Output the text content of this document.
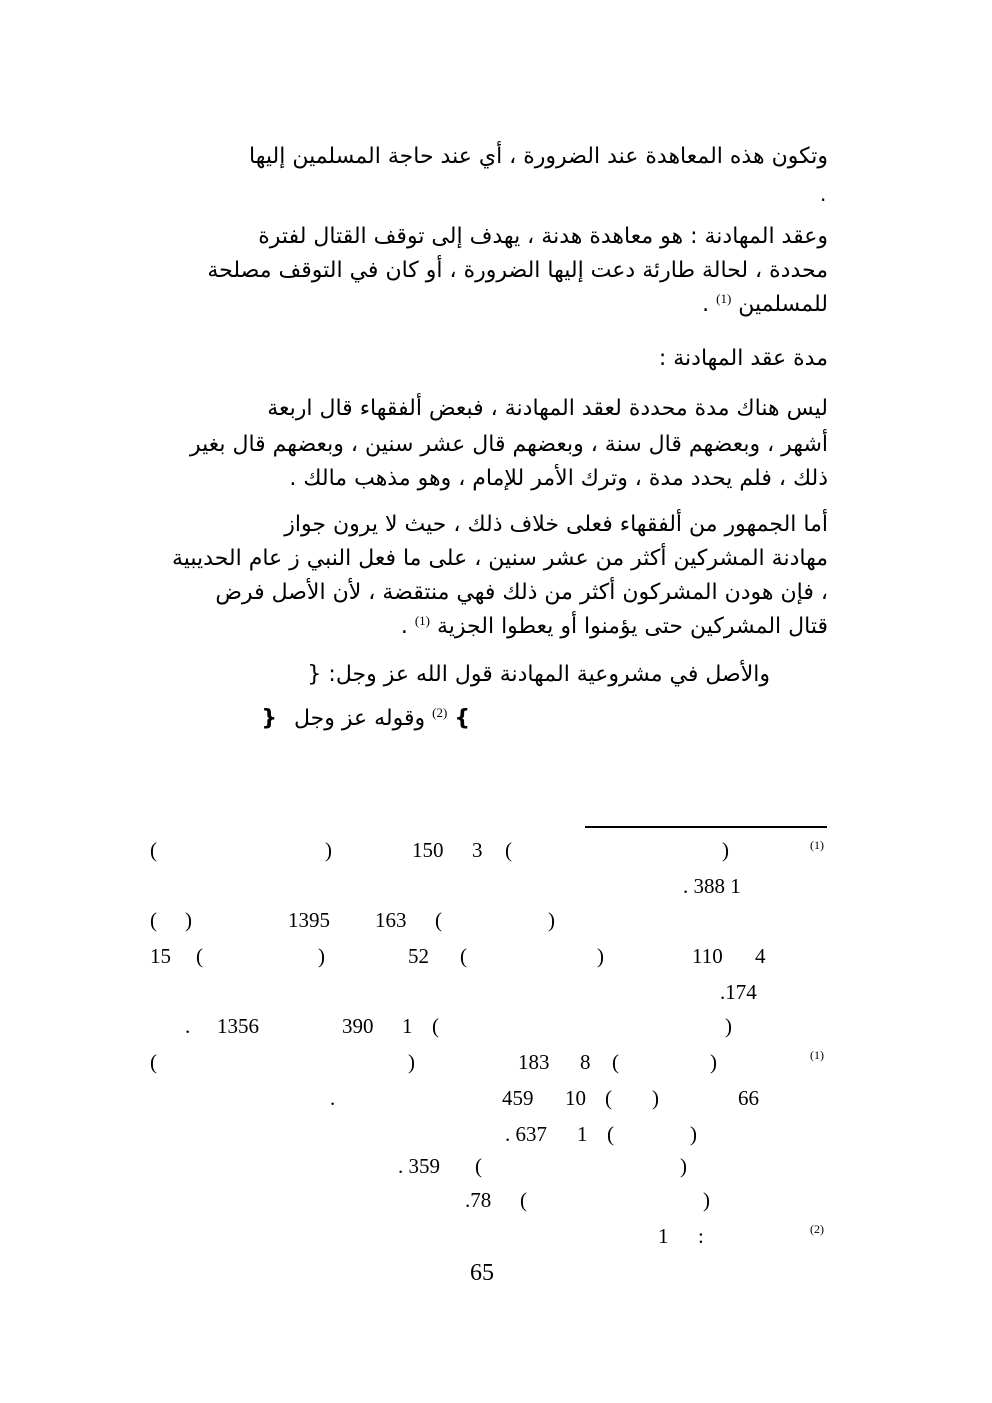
وتكون هذه المعاهدة عند الضرورة ، أي عند حاجة المسلمين إليها
.
وعقد المهادنة : هو معاهدة هدنة ، يهدف إلى توقف القتال لفترة
محددة ، لحالة طارئة دعت إليها الضرورة ، أو كان في التوقف مصلحة
للمسلمين $^{(1)}$ .
مدة عقد المهادنة :
ليس هناك مدة محددة لعقد المهادنة ، فبعض ألفقهاء قال اربعة
أشهر ، وبعضهم قال سنة ، وبعضهم قال عشر سنين ، وبعضهم قال بغير
ذلك ، فلم يحدد مدة ، وترك الأمر للإمام ، وهو مذهب مالك .
أما الجمهور من ألفقهاء فعلى خلاف ذلك ، حيث لا يرون جواز
مهادنة المشركين أكثر من عشر سنين ، على ما فعل النبي ز عام الحديبية
، فإن هودن المشركون أكثر من ذلك فهي منتقضة ، لأن الأصل فرض
قتال المشركين حتى يؤمنوا أو يعطوا الجزية $^{(1)}$ .
والأصل في مشروعية المهادنة قول الله عز وجل: {
} $^{(2)}$ وقوله عز وجل {
(1)
(	)	150 3 (	)
. 388 1
( )	1395 163 (	)
15 (	)	52 (	)	110 4
.174
. 1356	390 1 (	)
(1)
(	)	183 8 (	)
.	459 10 ( )	66
. 637 1 (	)
. 359 (	)
.78 (	)
(2)
1 :
65
